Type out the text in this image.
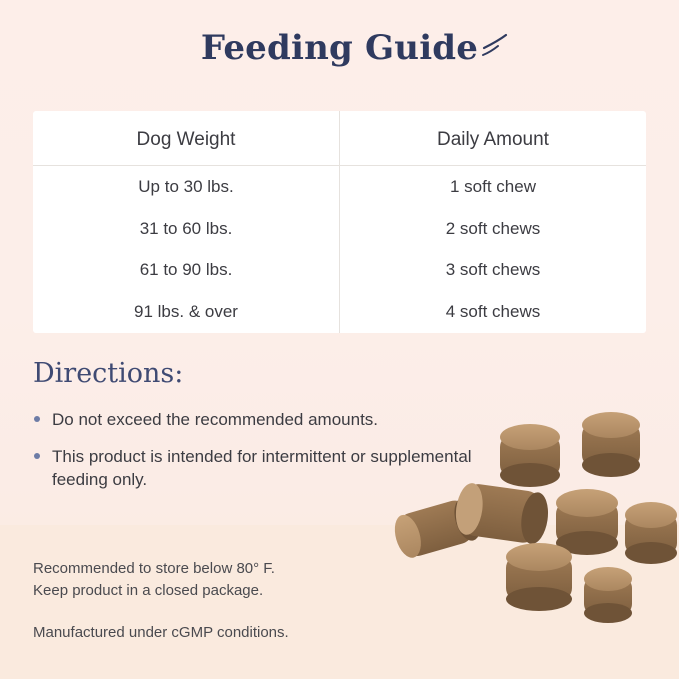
Feeding Guide
Dog Weight	Daily Amount
Up to 30 lbs.	1 soft chew
31 to 60 lbs.	2 soft chews
61 to 90 lbs.	3 soft chews
91 lbs. & over	4 soft chews
Directions:
Do not exceed the recommended amounts.
This product is intended for intermittent or supplemental feeding only.

Recommended to store below 80° F.

Keep product in a closed package.

Manufactured under cGMP conditions.
